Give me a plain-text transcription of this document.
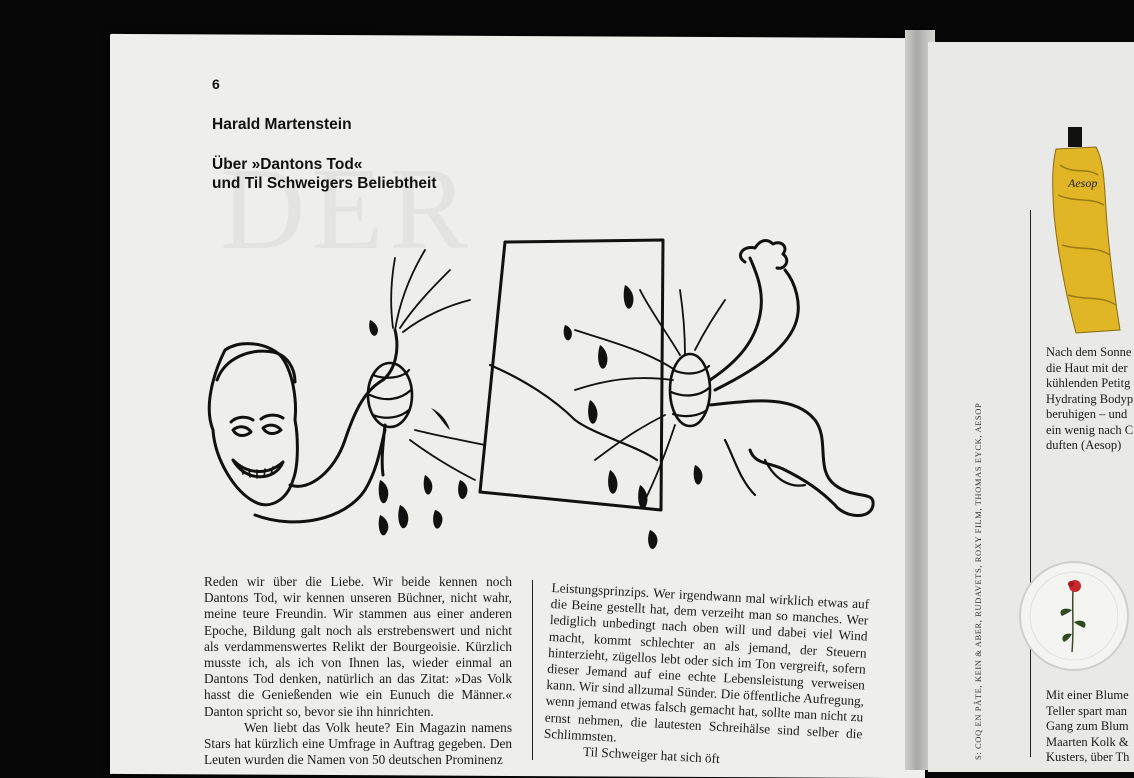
6
Harald Martenstein
Über »Dantons Tod«
und Til Schweigers Beliebtheit

Reden wir über die Liebe. Wir beide kennen noch Dantons Tod, wir kennen unseren Büchner, nicht wahr, meine teure Freundin. Wir stammen aus einer anderen Epoche, Bildung galt noch als erstrebenswert und nicht als verdammenswertes Relikt der Bourgeoisie. Kürzlich musste ich, als ich von Ihnen las, wieder einmal an Dantons Tod denken, natürlich an das Zitat: »Das Volk hasst die Genießenden wie ein Eunuch die Männer.« Danton spricht so, bevor sie ihn hinrichten.

Wen liebt das Volk heute? Ein Magazin namens Stars hat kürzlich eine Umfrage in Auftrag gegeben. Den Leuten wurden die Namen von 50 deutschen Prominenz

Leistungsprinzips. Wer irgendwann mal wirklich etwas auf die Beine gestellt hat, dem verzeiht man so manches. Wer lediglich unbedingt nach oben will und dabei viel Wind macht, kommt schlechter an als jemand, der Steuern hinterzieht, zügellos lebt oder sich im Ton vergreift, sofern dieser Jemand auf eine echte Lebensleistung verweisen kann. Wir sind allzumal Sünder. Die öffentliche Aufregung, wenn jemand etwas falsch gemacht hat, sollte man nicht zu ernst nehmen, die lautesten Schreihälse sind selber die Schlimmsten.

Til Schweiger hat sich öft	S: COQ EN PÂTE, KEIN & ABER, RUDAVETS, ROXY FILM, THOMAS EYCK, AESOP
Aesop
Nach dem Sonne
die Haut mit der
kühlenden Petitg
Hydrating Bodyp
beruhigen – und
ein wenig nach C
duften (Aesop)
Mit einer Blume
Teller spart man
Gang zum Blum
Maarten Kolk &
Kusters, über Th
